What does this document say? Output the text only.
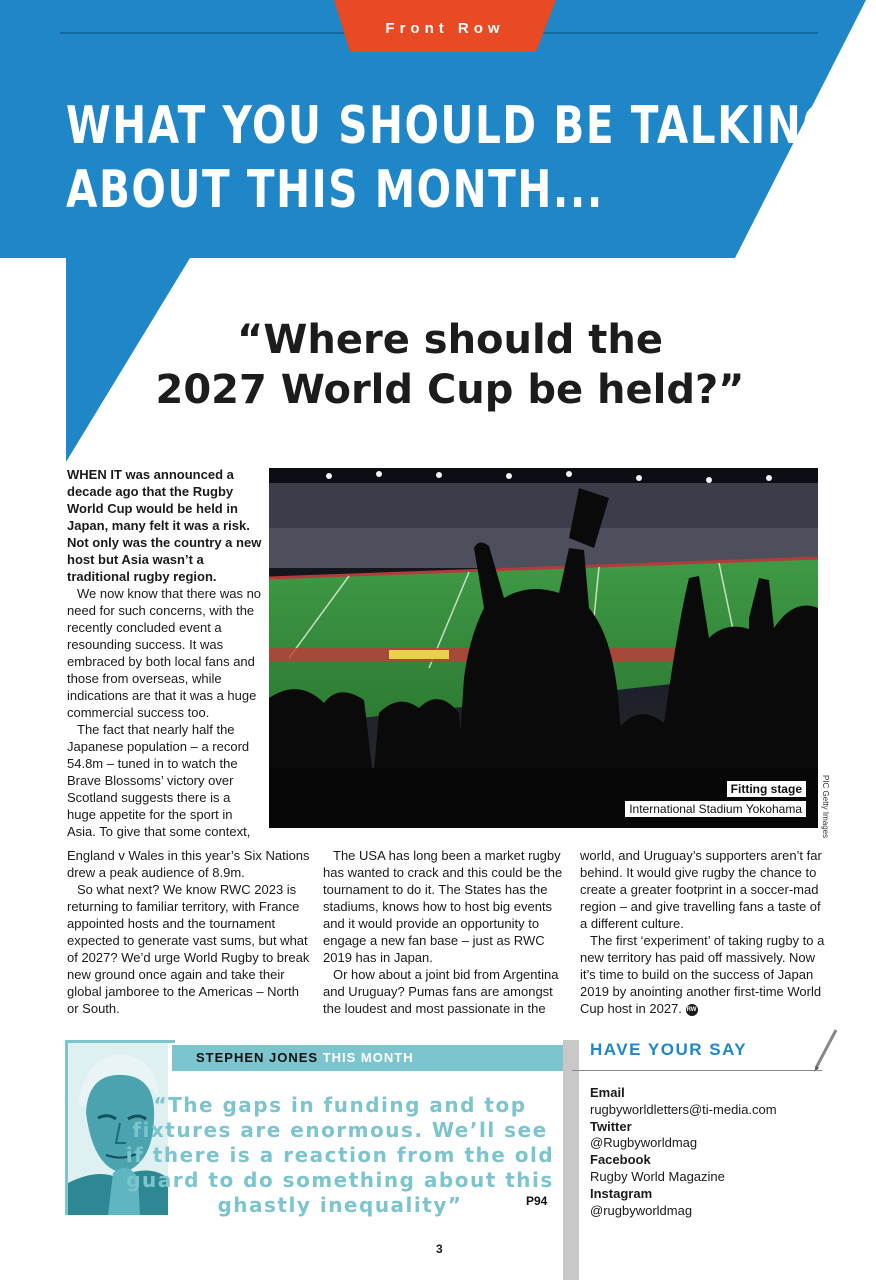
Front Row
WHAT YOU SHOULD BE TALKING
ABOUT THIS MONTH...
“Where should the
2027 World Cup be held?”
Fitting stage
International Stadium Yokohama	PIC Getty Images

WHEN IT was announced a decade ago that the Rugby World Cup would be held in Japan, many felt it was a risk. Not only was the country a new host but Asia wasn’t a traditional rugby region.

We now know that there was no need for such concerns, with the recently concluded event a resounding success. It was embraced by both local fans and those from overseas, while indications are that it was a huge commercial success too.

The fact that nearly half the Japanese population – a record 54.8m – tuned in to watch the Brave Blossoms’ victory over Scotland suggests there is a huge appetite for the sport in Asia. To give that some context,

England v Wales in this year’s Six Nations drew a peak audience of 8.9m.

So what next? We know RWC 2023 is returning to familiar territory, with France appointed hosts and the tournament expected to generate vast sums, but what of 2027? We’d urge World Rugby to break new ground once again and take their global jamboree to the Americas – North or South.

The USA has long been a market rugby has wanted to crack and this could be the tournament to do it. The States has the stadiums, knows how to host big events and it would provide an opportunity to engage a new fan base – just as RWC 2019 has in Japan.

Or how about a joint bid from Argentina and Uruguay? Pumas fans are amongst the loudest and most passionate in the

world, and Uruguay’s supporters aren’t far behind. It would give rugby the chance to create a greater footprint in a soccer-mad region – and give travelling fans a taste of a different culture.

The first ‘experiment’ of taking rugby to a new territory has paid off massively. Now it’s time to build on the success of Japan 2019 by anointing another first-time World Cup host in 2027. RW

STEPHEN JONES THIS MONTH
“The gaps in funding and top fixtures are enormous. We’ll see if there is a reaction from the old guard to do something about this ghastly inequality”	P94
HAVE YOUR SAY
Email
rugbyworldletters@ti-media.com
Twitter
@Rugbyworldmag
Facebook
Rugby World Magazine
Instagram
@rugbyworldmag
3
